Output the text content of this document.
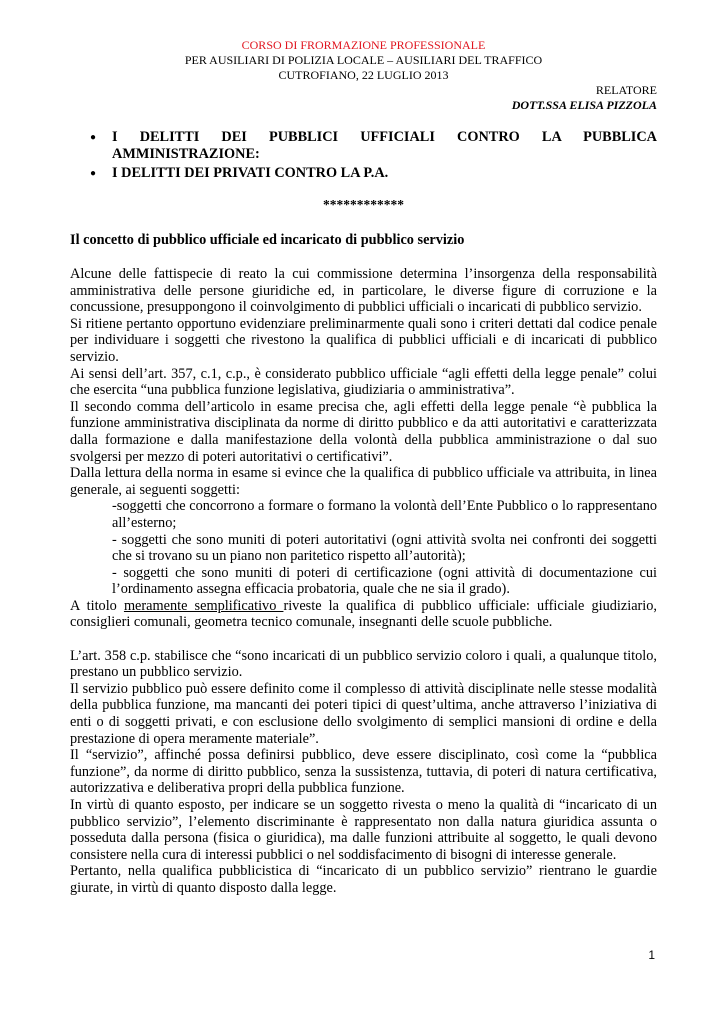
CORSO DI FRORMAZIONE PROFESSIONALE
PER AUSILIARI DI POLIZIA LOCALE – AUSILIARI DEL TRAFFICO
CUTROFIANO, 22 LUGLIO 2013
RELATORE
DOTT.SSA ELISA PIZZOLA
● I DELITTI DEI PUBBLICI UFFICIALI CONTRO LA PUBBLICA AMMINISTRAZIONE:
● I DELITTI DEI PRIVATI CONTRO LA P.A.
************
Il concetto di pubblico ufficiale ed incaricato di pubblico servizio

Alcune delle fattispecie di reato la cui commissione determina l’insorgenza della responsabilità amministrativa delle persone giuridiche ed, in particolare, le diverse figure di corruzione e la concussione, presuppongono il coinvolgimento di pubblici ufficiali o incaricati di pubblico servizio.

Si ritiene pertanto opportuno evidenziare preliminarmente quali sono i criteri dettati dal codice penale per individuare i soggetti che rivestono la qualifica di pubblici ufficiali e di incaricati di pubblico servizio.

Ai sensi dell’art. 357, c.1, c.p., è considerato pubblico ufficiale “agli effetti della legge penale” colui che esercita “una pubblica funzione legislativa, giudiziaria o amministrativa”.

Il secondo comma dell’articolo in esame precisa che, agli effetti della legge penale “è pubblica la funzione amministrativa disciplinata da norme di diritto pubblico e da atti autoritativi e caratterizzata dalla formazione e dalla manifestazione della volontà della pubblica amministrazione o dal suo svolgersi per mezzo di poteri autoritativi o certificativi”.

Dalla lettura della norma in esame si evince che la qualifica di pubblico ufficiale va attribuita, in linea generale, ai seguenti soggetti:

-soggetti che concorrono a formare o formano la volontà dell’Ente Pubblico o lo rappresentano all’esterno;

- soggetti che sono muniti di poteri autoritativi (ogni attività svolta nei confronti dei soggetti che si trovano su un piano non paritetico rispetto all’autorità);

- soggetti che sono muniti di poteri di certificazione (ogni attività di documentazione cui l’ordinamento assegna efficacia probatoria, quale che ne sia il grado).

A titolo meramente semplificativo riveste la qualifica di pubblico ufficiale: ufficiale giudiziario, consiglieri comunali, geometra tecnico comunale, insegnanti delle scuole pubbliche.

L’art. 358 c.p. stabilisce che “sono incaricati di un pubblico servizio coloro i quali, a qualunque titolo, prestano un pubblico servizio.

Il servizio pubblico può essere definito come il complesso di attività disciplinate nelle stesse modalità della pubblica funzione, ma mancanti dei poteri tipici di quest’ultima, anche attraverso l’iniziativa di enti o di soggetti privati, e con esclusione dello svolgimento di semplici mansioni di ordine e della prestazione di opera meramente materiale”.

Il “servizio”, affinché possa definirsi pubblico, deve essere disciplinato, così come la “pubblica funzione”, da norme di diritto pubblico, senza la sussistenza, tuttavia, di poteri di natura certificativa, autorizzativa e deliberativa propri della pubblica funzione.

In virtù di quanto esposto, per indicare se un soggetto rivesta o meno la qualità di “incaricato di un pubblico servizio”, l’elemento discriminante è rappresentato non dalla natura giuridica assunta o posseduta dalla persona (fisica o giuridica), ma dalle funzioni attribuite al soggetto, le quali devono consistere nella cura di interessi pubblici o nel soddisfacimento di bisogni di interesse generale.

Pertanto, nella qualifica pubblicistica di “incaricato di un pubblico servizio” rientrano le guardie giurate, in virtù di quanto disposto dalla legge.

1
